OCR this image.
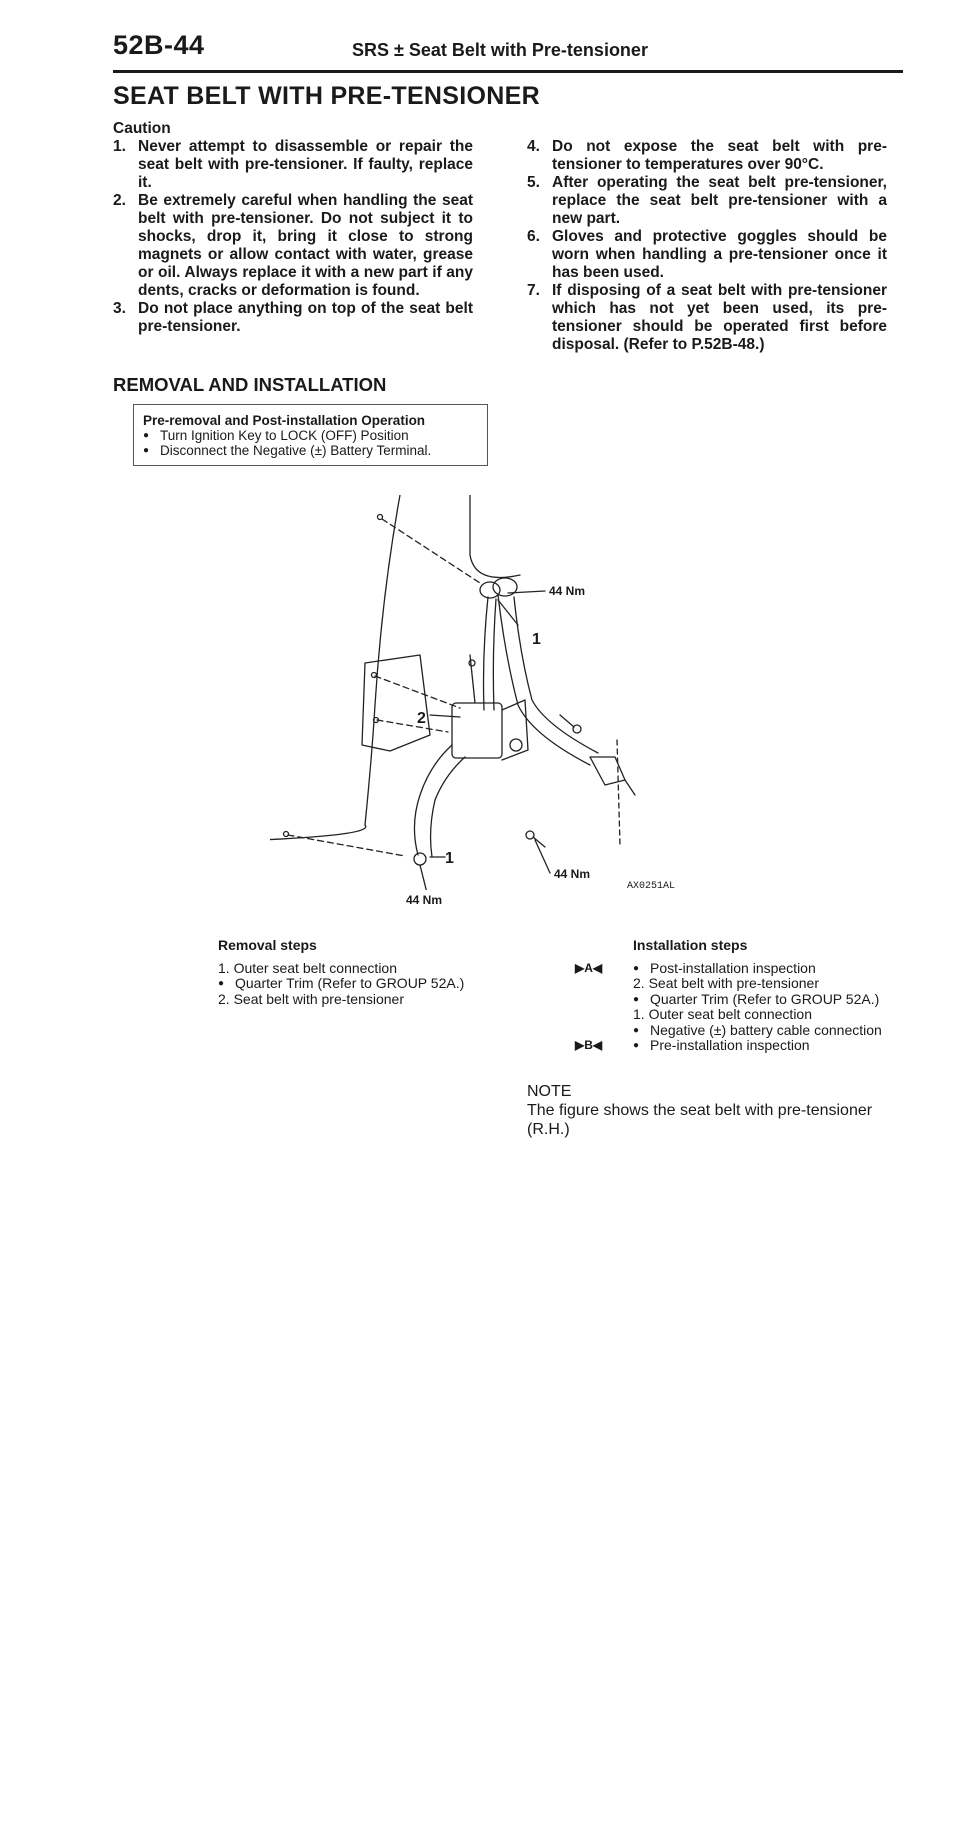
52B-44	SRS ± Seat Belt with Pre-tensioner
SEAT BELT WITH PRE-TENSIONER
Caution
1. Never attempt to disassemble or repair the seat belt with pre-tensioner. If faulty, replace it.
2. Be extremely careful when handling the seat belt with pre-tensioner. Do not subject it to shocks, drop it, bring it close to strong magnets or allow contact with water, grease or oil. Always replace it with a new part if any dents, cracks or deformation is found.
3. Do not place anything on top of the seat belt pre-tensioner.
4. Do not expose the seat belt with pre-tensioner to temperatures over 90°C.
5. After operating the seat belt pre-tensioner, replace the seat belt pre-tensioner with a new part.
6. Gloves and protective goggles should be worn when handling a pre-tensioner once it has been used.
7. If disposing of a seat belt with pre-tensioner which has not yet been used, its pre-tensioner should be operated first before disposal. (Refer to P.52B-48.)
REMOVAL AND INSTALLATION
Pre-removal and Post-installation Operation
● Turn Ignition Key to LOCK (OFF) Position
● Disconnect the Negative (±) Battery Terminal.
44 Nm
1
2
1
44 Nm
AX0251AL
44 Nm
Removal steps
1. Outer seat belt connection
● Quarter Trim (Refer to GROUP 52A.)
2. Seat belt with pre-tensioner
Installation steps
▶A◀	● Post-installation inspection
2. Seat belt with pre-tensioner
● Quarter Trim (Refer to GROUP 52A.)
1. Outer seat belt connection
● Negative (±) battery cable connection
▶B◀	● Pre-installation inspection
NOTE
The figure shows the seat belt with pre-tensioner (R.H.)
